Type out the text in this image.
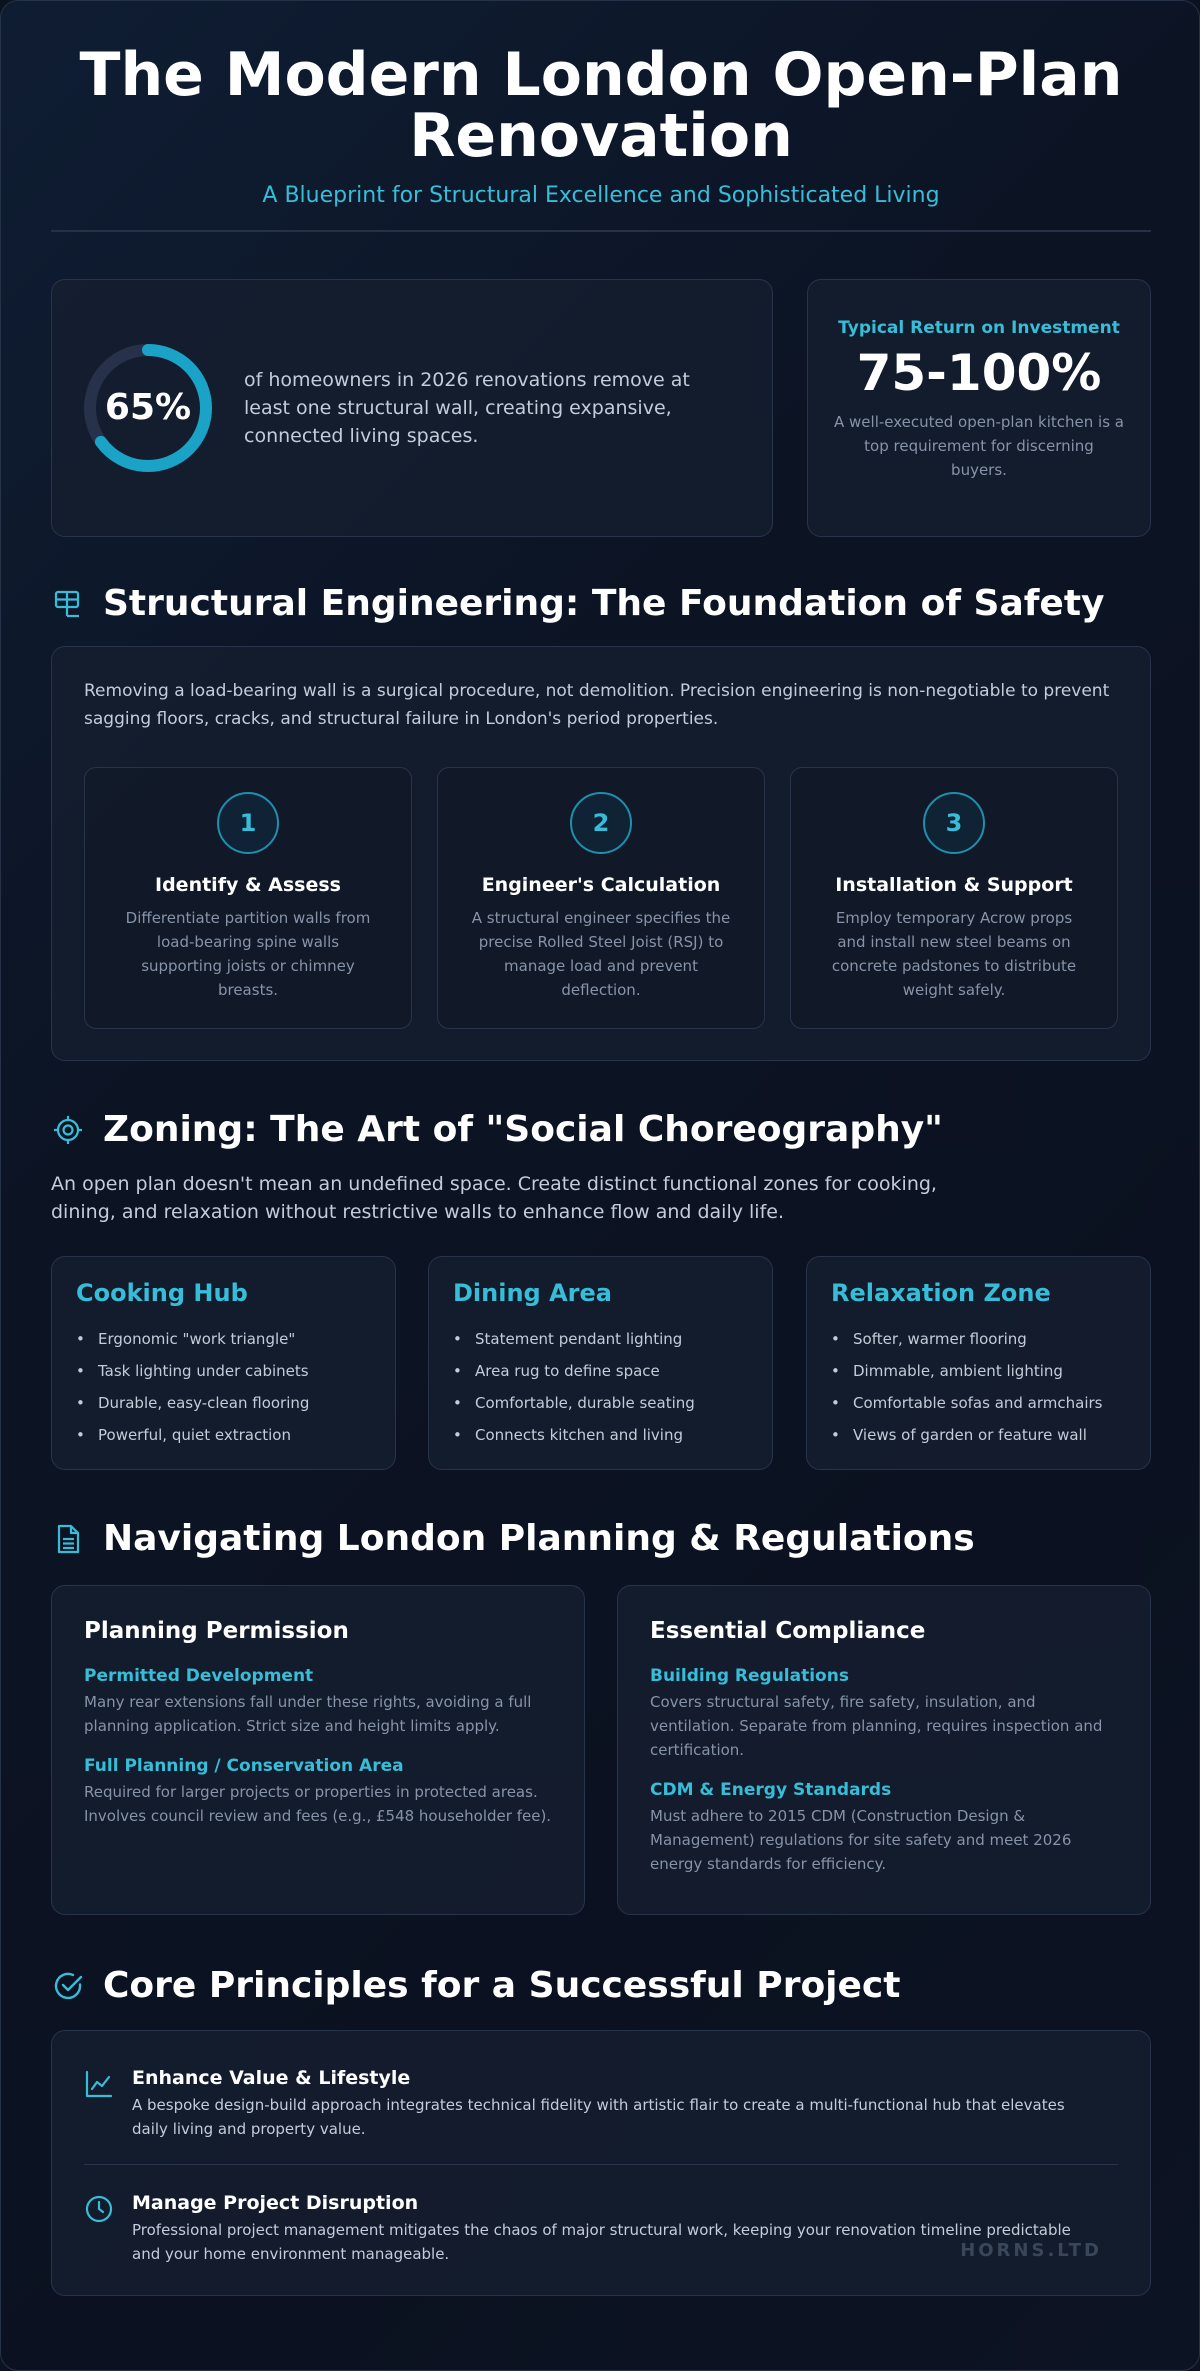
The Modern London Open-Plan Renovation
A Blueprint for Structural Excellence and Sophisticated Living
65%
of homeowners in 2026 renovations remove at least one structural wall, creating expansive, connected living spaces.
Typical Return on Investment
75-100%
A well-executed open-plan kitchen is a top requirement for discerning buyers.
Structural Engineering: The Foundation of Safety

Removing a load-bearing wall is a surgical procedure, not demolition. Precision engineering is non-negotiable to prevent sagging floors, cracks, and structural failure in London's period properties.

1
Identify & Assess
Differentiate partition walls from load-bearing spine walls supporting joists or chimney breasts.
2
Engineer's Calculation
A structural engineer specifies the precise Rolled Steel Joist (RSJ) to manage load and prevent deflection.
3
Installation & Support
Employ temporary Acrow props and install new steel beams on concrete padstones to distribute weight safely.
Zoning: The Art of "Social Choreography"

An open plan doesn't mean an undefined space. Create distinct functional zones for cooking, dining, and relaxation without restrictive walls to enhance flow and daily life.

Cooking Hub
• Ergonomic "work triangle"
• Task lighting under cabinets
• Durable, easy-clean flooring
• Powerful, quiet extraction
Dining Area
• Statement pendant lighting
• Area rug to define space
• Comfortable, durable seating
• Connects kitchen and living
Relaxation Zone
• Softer, warmer flooring
• Dimmable, ambient lighting
• Comfortable sofas and armchairs
• Views of garden or feature wall
Navigating London Planning & Regulations
Planning Permission
Permitted Development
Many rear extensions fall under these rights, avoiding a full planning application. Strict size and height limits apply.
Full Planning / Conservation Area
Required for larger projects or properties in protected areas. Involves council review and fees (e.g., £548 householder fee).
Essential Compliance
Building Regulations
Covers structural safety, fire safety, insulation, and ventilation. Separate from planning, requires inspection and certification.
CDM & Energy Standards
Must adhere to 2015 CDM (Construction Design & Management) regulations for site safety and meet 2026 energy standards for efficiency.
Core Principles for a Successful Project
Enhance Value & Lifestyle
A bespoke design-build approach integrates technical fidelity with artistic flair to create a multi-functional hub that elevates daily living and property value.
Manage Project Disruption
Professional project management mitigates the chaos of major structural work, keeping your renovation timeline predictable and your home environment manageable.	HORNS.LTD
